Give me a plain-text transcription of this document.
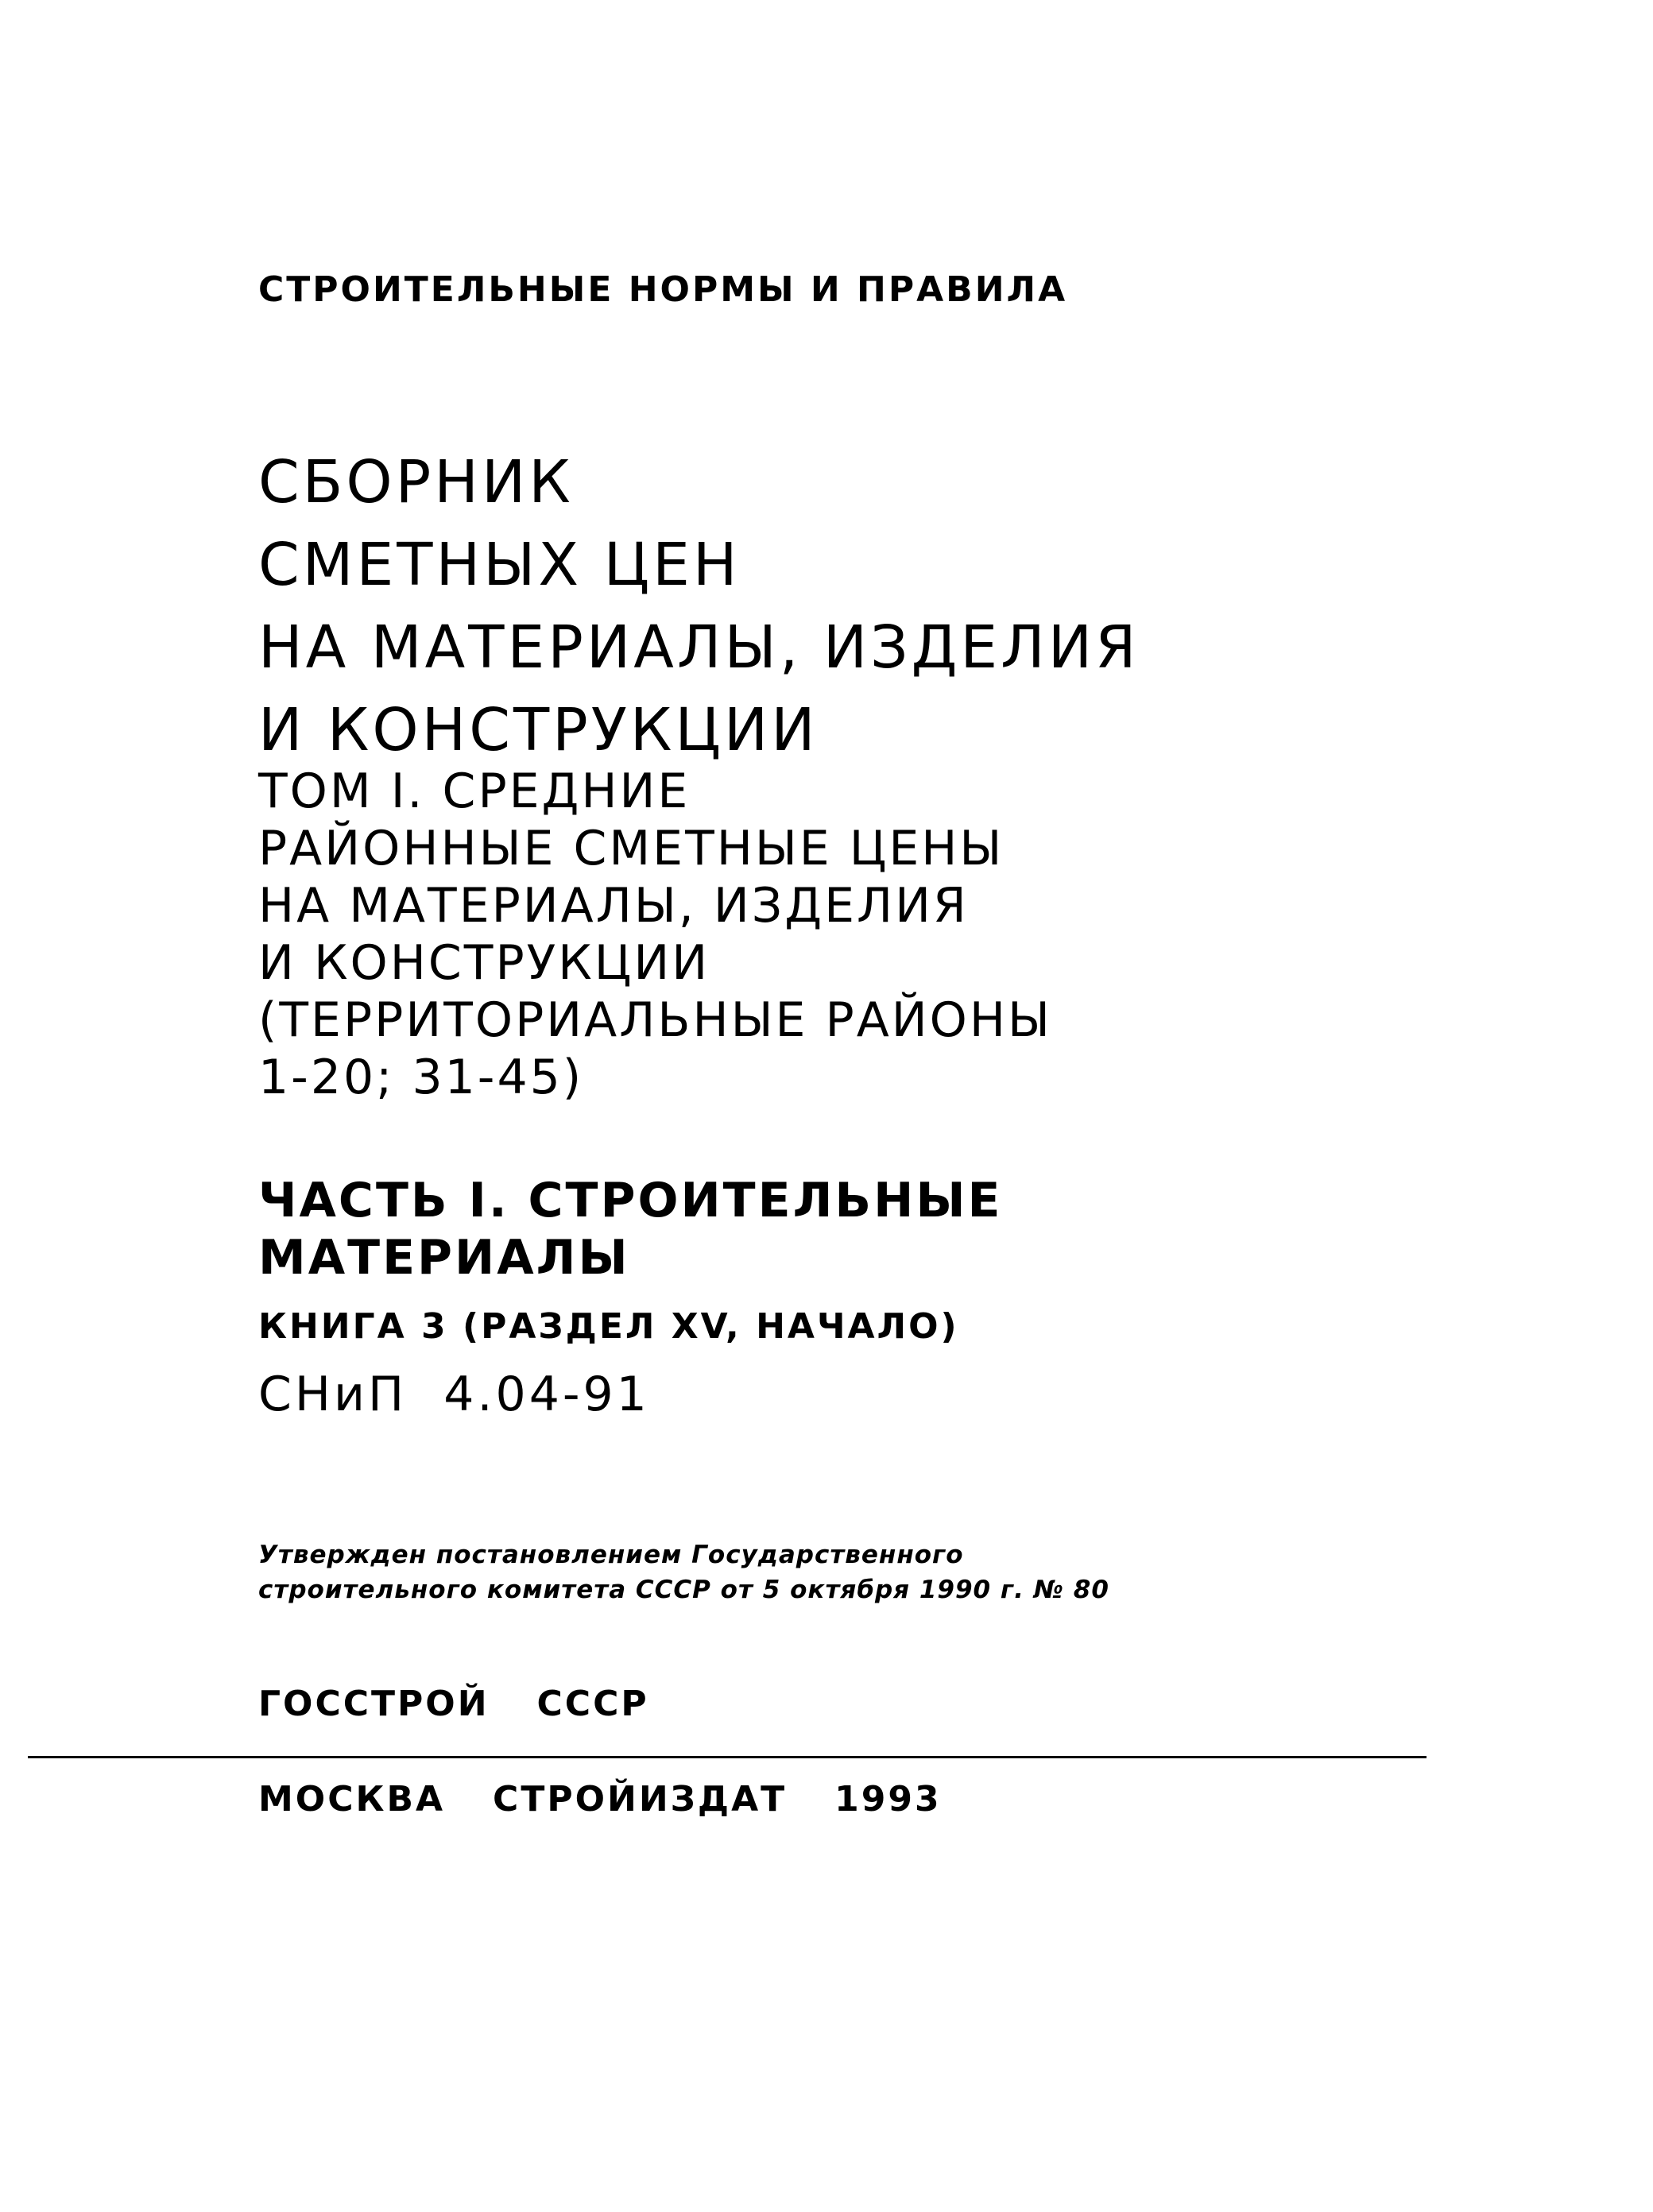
СТРОИТЕЛЬНЫЕ НОРМЫ И ПРАВИЛА

СБОРНИК
СМЕТНЫХ ЦЕН
НА МАТЕРИАЛЫ, ИЗДЕЛИЯ
И КОНСТРУКЦИИ
ТОМ I. СРЕДНИЕ
РАЙОННЫЕ СМЕТНЫЕ ЦЕНЫ
НА МАТЕРИАЛЫ, ИЗДЕЛИЯ
И КОНСТРУКЦИИ
(ТЕРРИТОРИАЛЬНЫЕ РАЙОНЫ
1-20; 31-45)
ЧАСТЬ I. СТРОИТЕЛЬНЫЕ
МАТЕРИАЛЫ

КНИГА 3 (РАЗДЕЛ XV, НАЧАЛО)

СНиП  4.04-91

Утвержден постановлением Государственного
строительного комитета СССР от 5 октября 1990 г. № 80

ГОССТРОЙ СССР

МОСКВА СТРОЙИЗДАТ 1993
